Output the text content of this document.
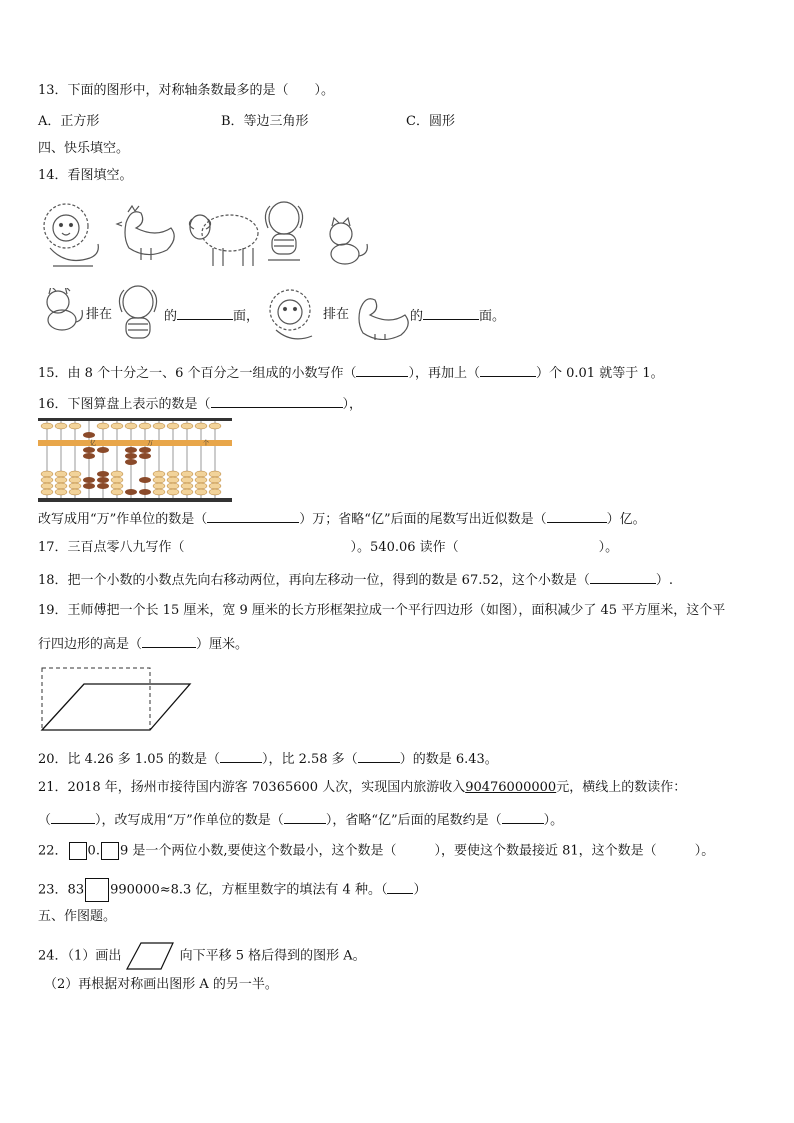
13．下面的图形中，对称轴条数最多的是（　　）。
A．正方形	B．等边三角形	C．圆形
四、快乐填空。
14．看图填空。
排在	的	面，	排在	的	面。
15．由 8 个十分之一、6 个百分之一组成的小数写作（	），再加上（	）个 0.01 就等于 1。
16．下图算盘上表示的数是（	），
亿	万	个
改写成用“万”作单位的数是（	）万；省略“亿”后面的尾数写出近似数是（	）亿。
17．三百点零八九写作（	）。540.06 读作（	）。
18．把一个小数的小数点先向右移动两位，再向左移动一位，得到的数是 67.52，这个小数是（	）.
19．王师傅把一个长 15 厘米，宽 9 厘米的长方形框架拉成一个平行四边形（如图），面积减少了 45 平方厘米，这个平
行四边形的高是（	）厘米。
20．比 4.26 多 1.05 的数是（	），比 2.58 多（	）的数是 6.43。
21．2018 年，扬州市接待国内游客 70365600 人次，实现国内旅游收入90476000000元，横线上的数读作：
（	），改写成用“万”作单位的数是（	），省略“亿”后面的尾数约是（	）。
22． 0. 9 是一个两位小数,要使这个数最小，这个数是（	），要使这个数最接近 81，这个数是（	）。
23．83 990000≈8.3 亿，方框里数字的填法有 4 种。（ ）
五、作图题。
24．（1）画出	向下平移 5 格后得到的图形 A。
（2）再根据对称画出图形 A 的另一半。
